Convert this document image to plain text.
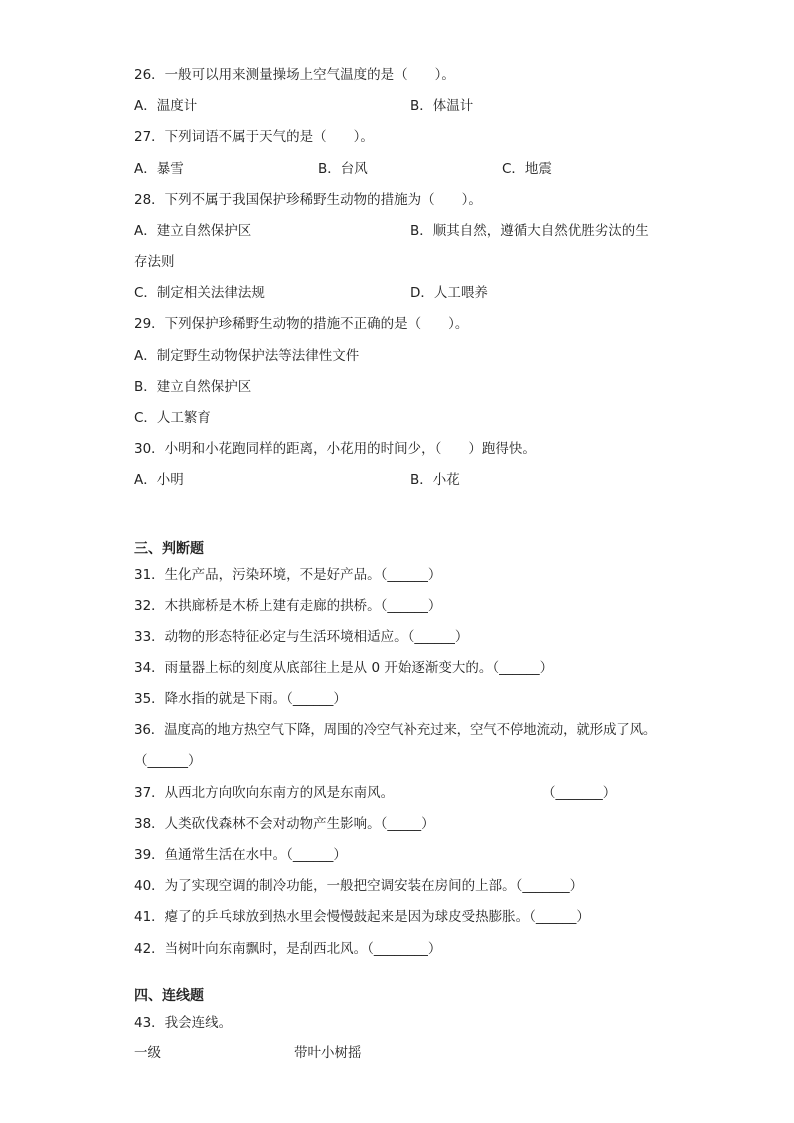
26．一般可以用来测量操场上空气温度的是（　　）。
A．温度计	B．体温计
27．下列词语不属于天气的是（　　）。
A．暴雪	B．台风	C．地震
28．下列不属于我国保护珍稀野生动物的措施为（　　）。
A．建立自然保护区	B．顺其自然，遵循大自然优胜劣汰的生
存法则
C．制定相关法律法规	D．人工喂养
29．下列保护珍稀野生动物的措施不正确的是（　　）。
A．制定野生动物保护法等法律性文件
B．建立自然保护区
C．人工繁育
30．小明和小花跑同样的距离，小花用的时间少，（　　）跑得快。
A．小明	B．小花
三、判断题
31．生化产品，污染环境，不是好产品。（______）
32．木拱廊桥是木桥上建有走廊的拱桥。（______）
33．动物的形态特征必定与生活环境相适应。（______）
34．雨量器上标的刻度从底部往上是从 0 开始逐渐变大的。（______）
35．降水指的就是下雨。（______）
36．温度高的地方热空气下降，周围的冷空气补充过来，空气不停地流动，就形成了风。
（______）
37．从西北方向吹向东南方的风是东南风。	（_______）
38．人类砍伐森林不会对动物产生影响。（_____）
39．鱼通常生活在水中。（______）
40．为了实现空调的制冷功能，一般把空调安装在房间的上部。（_______）
41．瘪了的乒乓球放到热水里会慢慢鼓起来是因为球皮受热膨胀。（______）
42．当树叶向东南飘时，是刮西北风。（________）
四、连线题
43．我会连线。
一级	带叶小树摇
